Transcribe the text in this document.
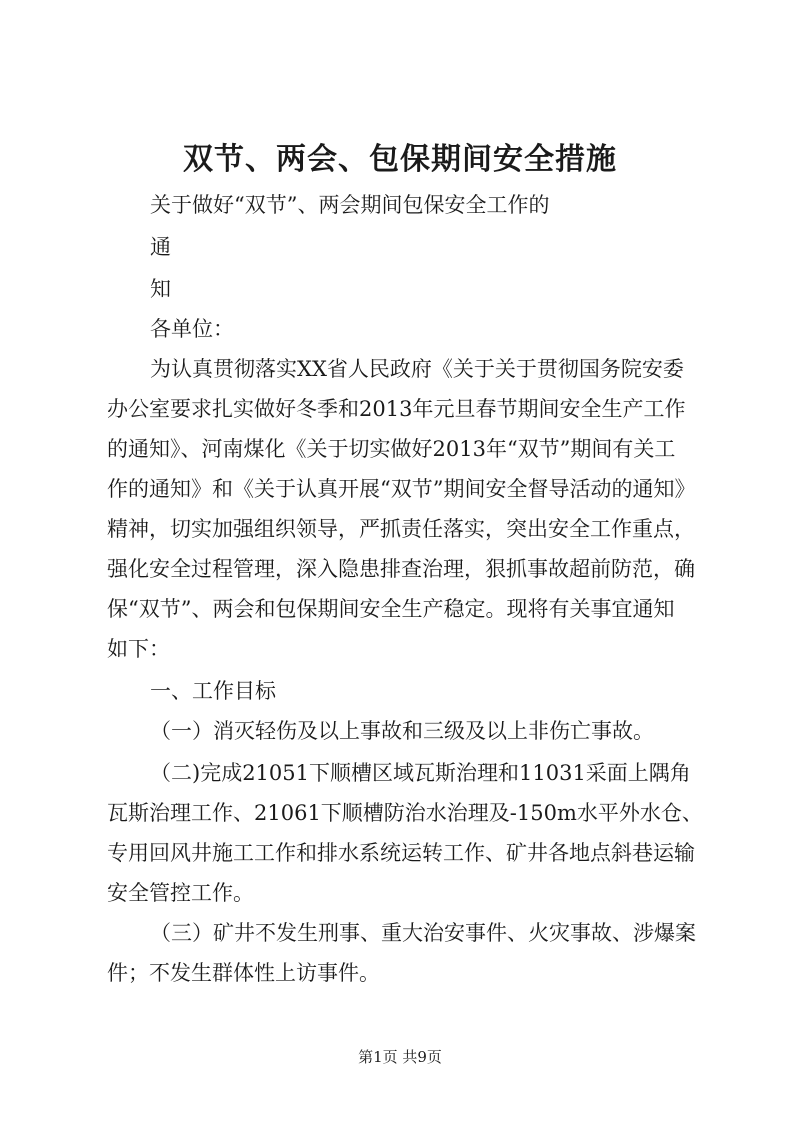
双节、两会、包保期间安全措施

关于做好“双节”、两会期间包保安全工作的

通

知

各单位：

为认真贯彻落实XX省人民政府《关于关于贯彻国务院安委

办公室要求扎实做好冬季和2013年元旦春节期间安全生产工作

的通知》、河南煤化《关于切实做好2013年“双节”期间有关工

作的通知》和《关于认真开展“双节”期间安全督导活动的通知》

精神，切实加强组织领导，严抓责任落实，突出安全工作重点，

强化安全过程管理，深入隐患排查治理，狠抓事故超前防范，确

保“双节”、两会和包保期间安全生产稳定。现将有关事宜通知

如下：

一、工作目标

（一）消灭轻伤及以上事故和三级及以上非伤亡事故。

（二)完成21051下顺槽区域瓦斯治理和11031采面上隅角

瓦斯治理工作、21061下顺槽防治水治理及-150m水平外水仓、

专用回风井施工工作和排水系统运转工作、矿井各地点斜巷运输

安全管控工作。

（三）矿井不发生刑事、重大治安事件、火灾事故、涉爆案

件；不发生群体性上访事件。

第1页 共9页
